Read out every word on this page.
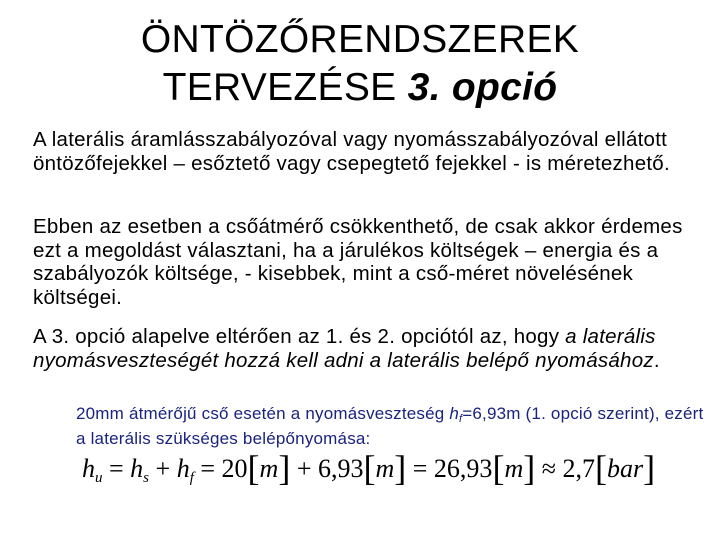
ÖNTÖZŐRENDSZEREK
TERVEZÉSE 3. opció
A laterális áramlásszabályozóval vagy nyomásszabályozóval ellátott öntözőfejekkel – esőztető vagy csepegtető fejekkel - is méretezhető.
Ebben az esetben a csőátmérő csökkenthető, de csak akkor érdemes ezt a megoldást választani, ha a járulékos költségek – energia és a szabályozók költsége, - kisebbek, mint a cső-méret növelésének költségei.
A 3. opció alapelve eltérően az 1. és 2. opciótól az, hogy a laterális nyomásveszteségét hozzá kell adni a laterális belépő nyomásához.
20mm átmérőjű cső esetén a nyomásveszteség $h_f=6,93m$ (1. opció szerint), ezért a laterális szükséges belépőnyomása:
$h_u = h_s + h_f = 20[m] + 6,93[m] = 26,93[m] \approx 2,7[bar]$
